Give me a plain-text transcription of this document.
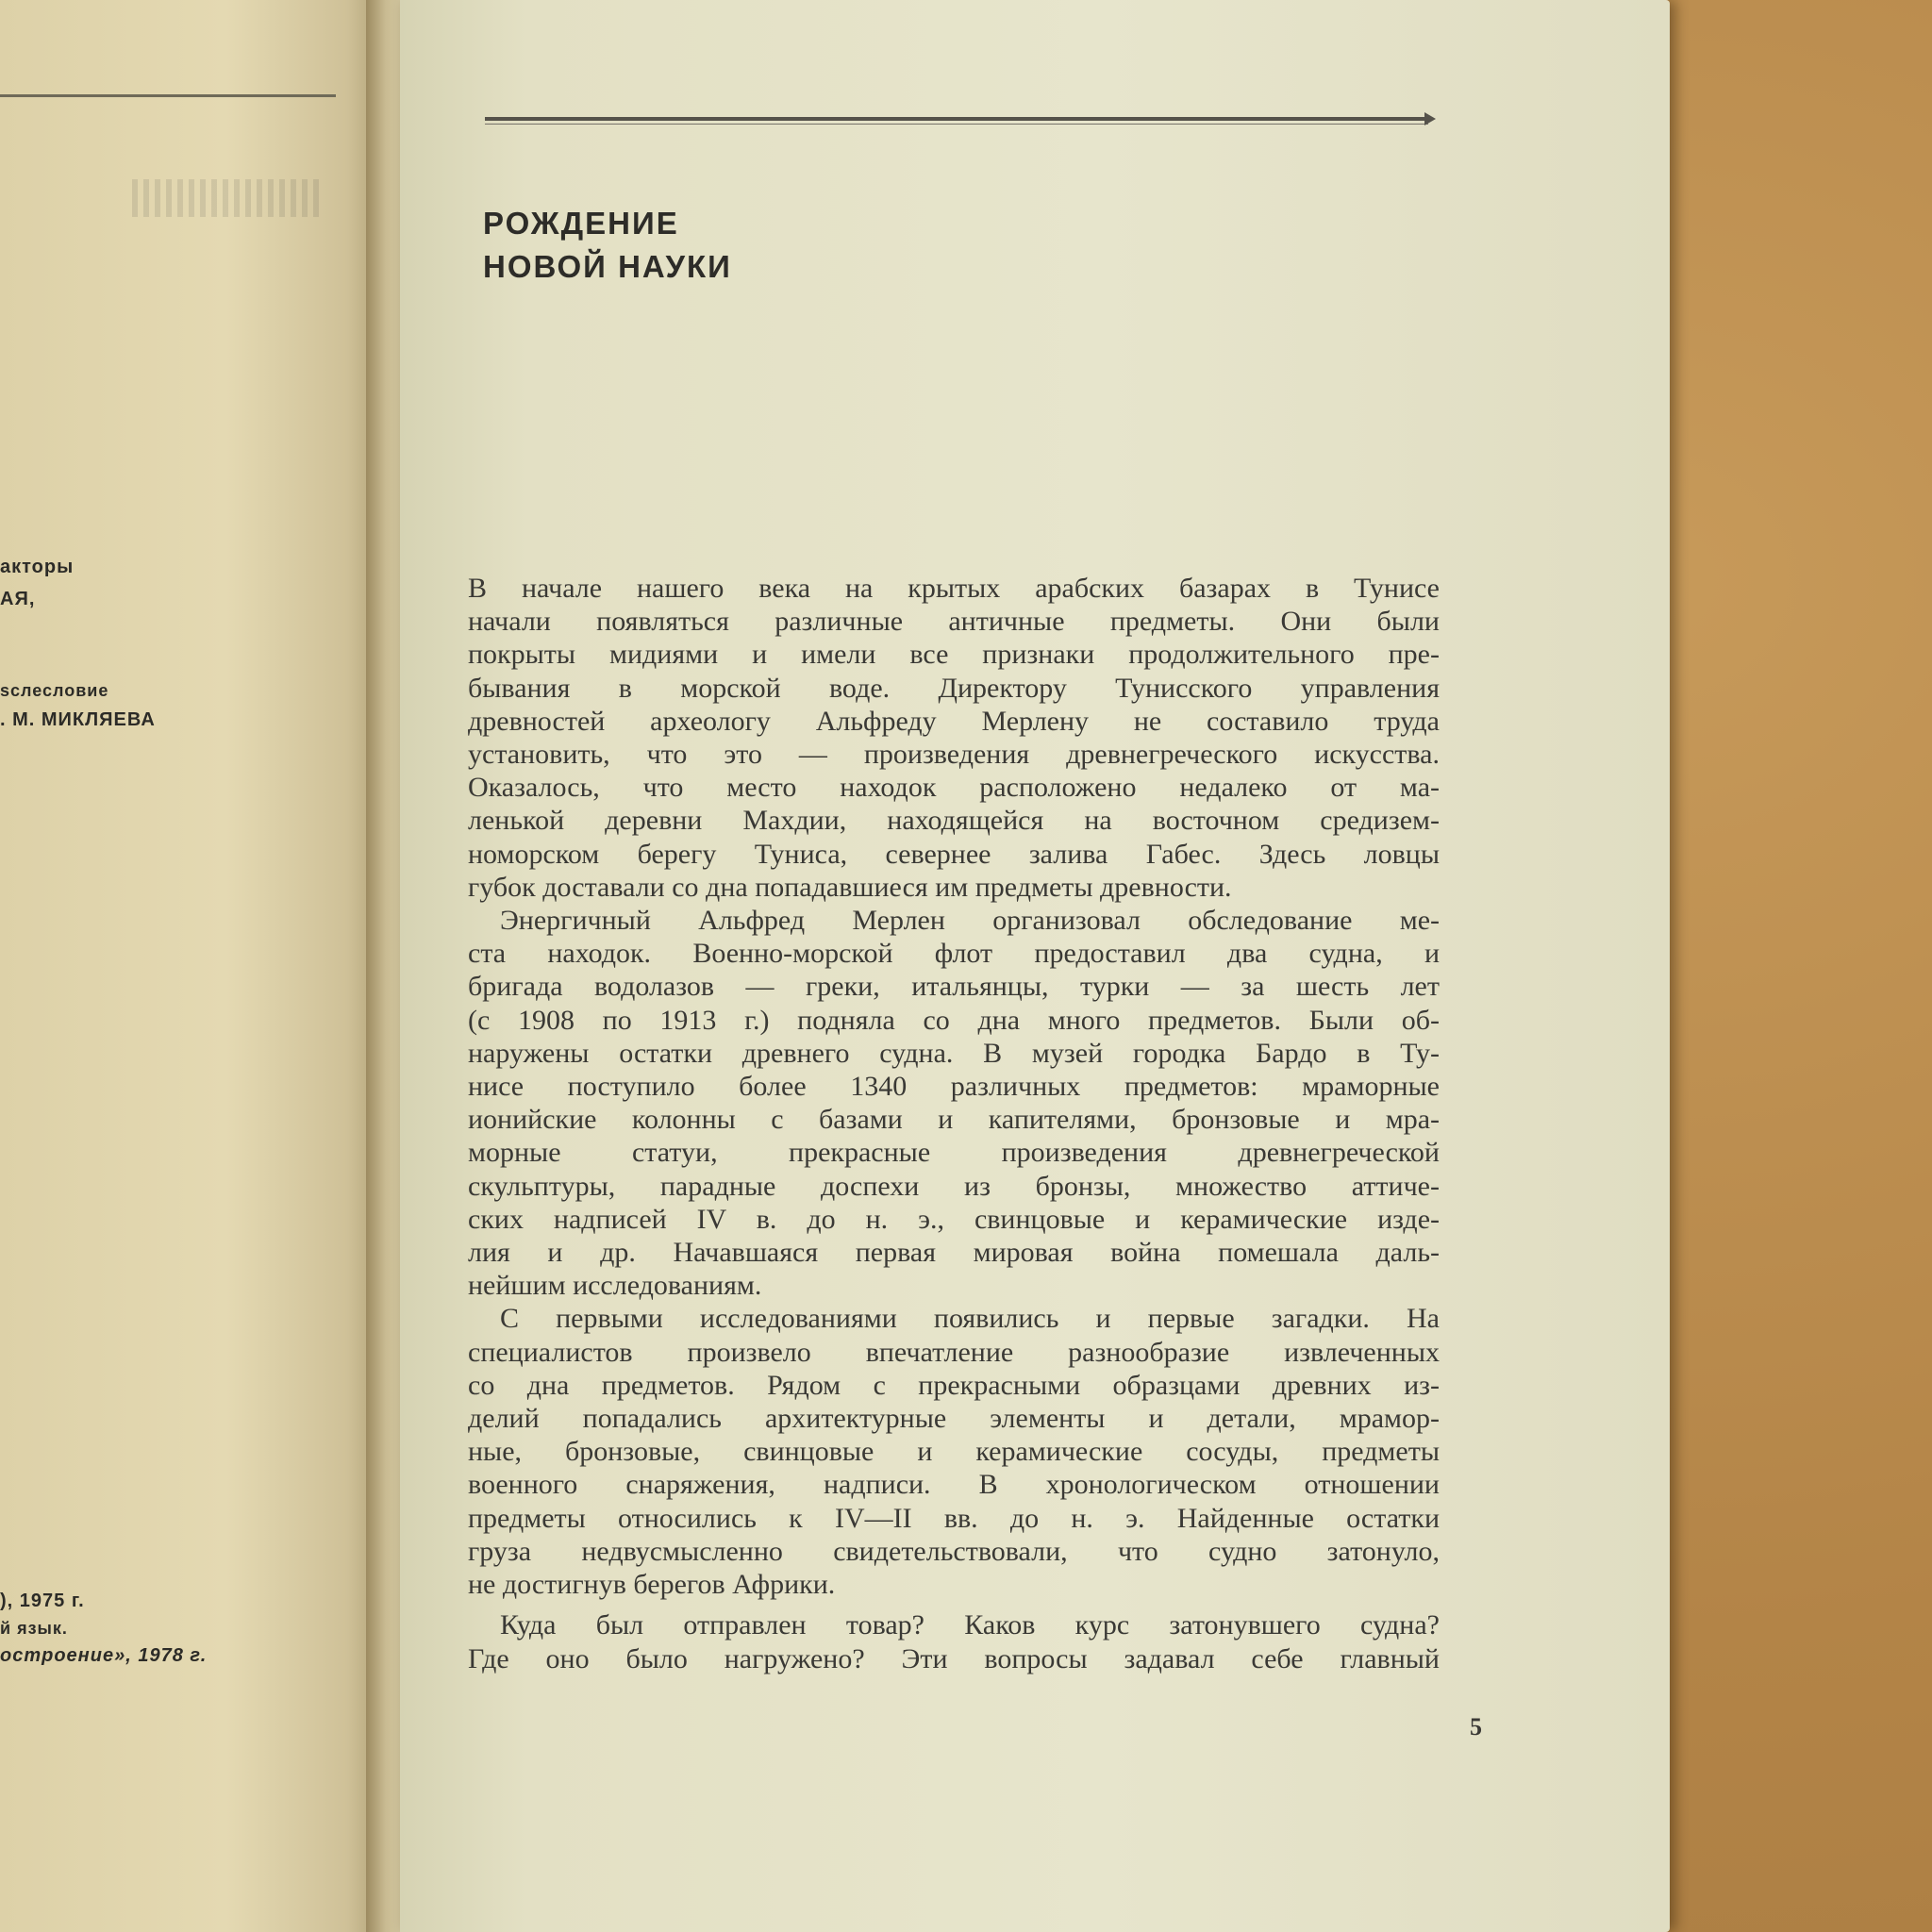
акторы
АЯ,
ѕслесловие
. М. МИКЛЯЕВА
), 1975 г.
й язык.
остроение», 1978 г.
РОЖДЕНИЕ
НОВОЙ НАУКИ
В начале нашего века на крытых арабских базарах в Тунисе
начали появляться различные античные предметы. Они были
покрыты мидиями и имели все признаки продолжительного пре-
бывания в морской воде. Директору Тунисского управления
древностей археологу Альфреду Мерлену не составило труда
установить, что это — произведения древнегреческого искусства.
Оказалось, что место находок расположено недалеко от ма-
ленькой деревни Махдии, находящейся на восточном средизем-
номорском берегу Туниса, севернее залива Габес. Здесь ловцы
губок доставали со дна попадавшиеся им предметы древности.
Энергичный Альфред Мерлен организовал обследование ме-
ста находок. Военно-морской флот предоставил два судна, и
бригада водолазов — греки, итальянцы, турки — за шесть лет
(с 1908 по 1913 г.) подняла со дна много предметов. Были об-
наружены остатки древнего судна. В музей городка Бардо в Ту-
нисе поступило более 1340 различных предметов: мраморные
ионийские колонны с базами и капителями, бронзовые и мра-
морные статуи, прекрасные произведения древнегреческой
скульптуры, парадные доспехи из бронзы, множество аттиче-
ских надписей IV в. до н. э., свинцовые и керамические изде-
лия и др. Начавшаяся первая мировая война помешала даль-
нейшим исследованиям.
С первыми исследованиями появились и первые загадки. На
специалистов произвело впечатление разнообразие извлеченных
со дна предметов. Рядом с прекрасными образцами древних из-
делий попадались архитектурные элементы и детали, мрамор-
ные, бронзовые, свинцовые и керамические сосуды, предметы
военного снаряжения, надписи. В хронологическом отношении
предметы относились к IV—II вв. до н. э. Найденные остатки
груза недвусмысленно свидетельствовали, что судно затонуло,
не достигнув берегов Африки.
Куда был отправлен товар? Каков курс затонувшего судна?
Где оно было нагружено? Эти вопросы задавал себе главный
5
